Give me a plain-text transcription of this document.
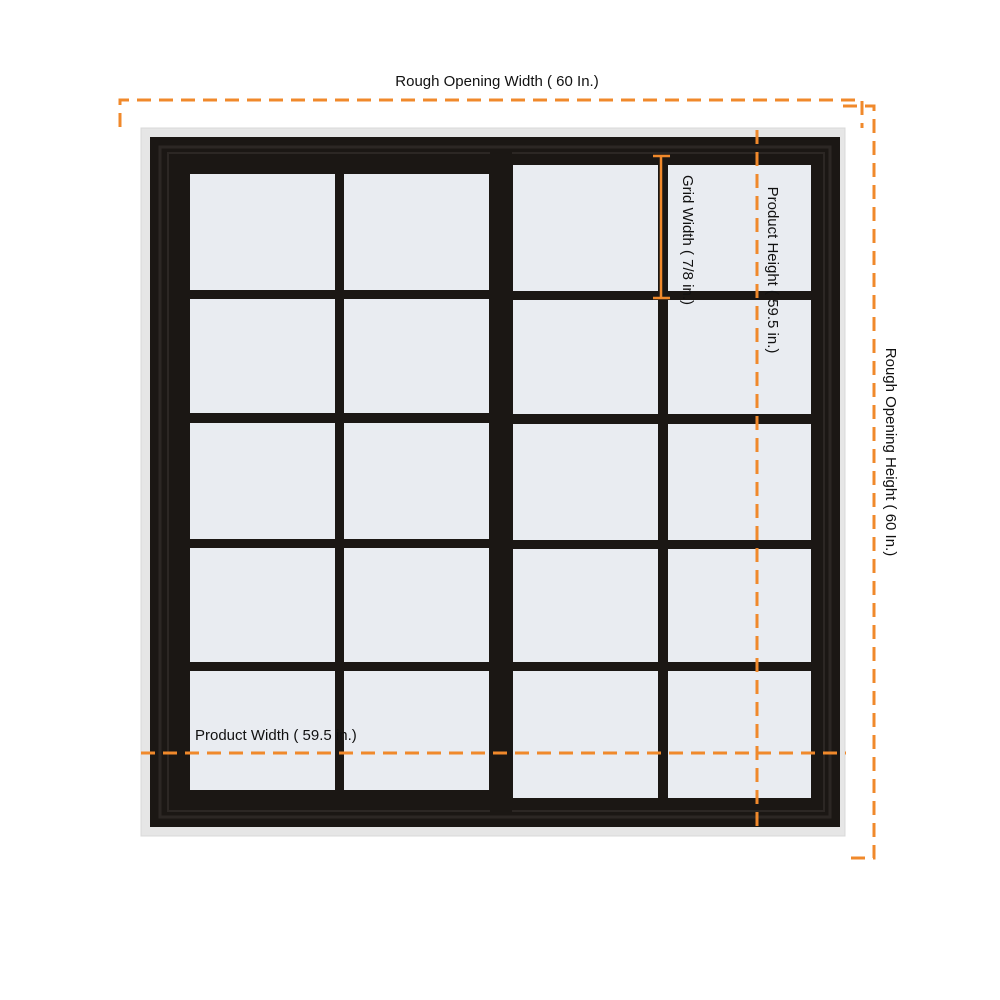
Rough Opening Width ( 60 In.)
Rough Opening Height ( 60 In.)
Product Height ( 59.5 in.)
Grid Width ( 7/8 in.)
Product Width ( 59.5 in.)
